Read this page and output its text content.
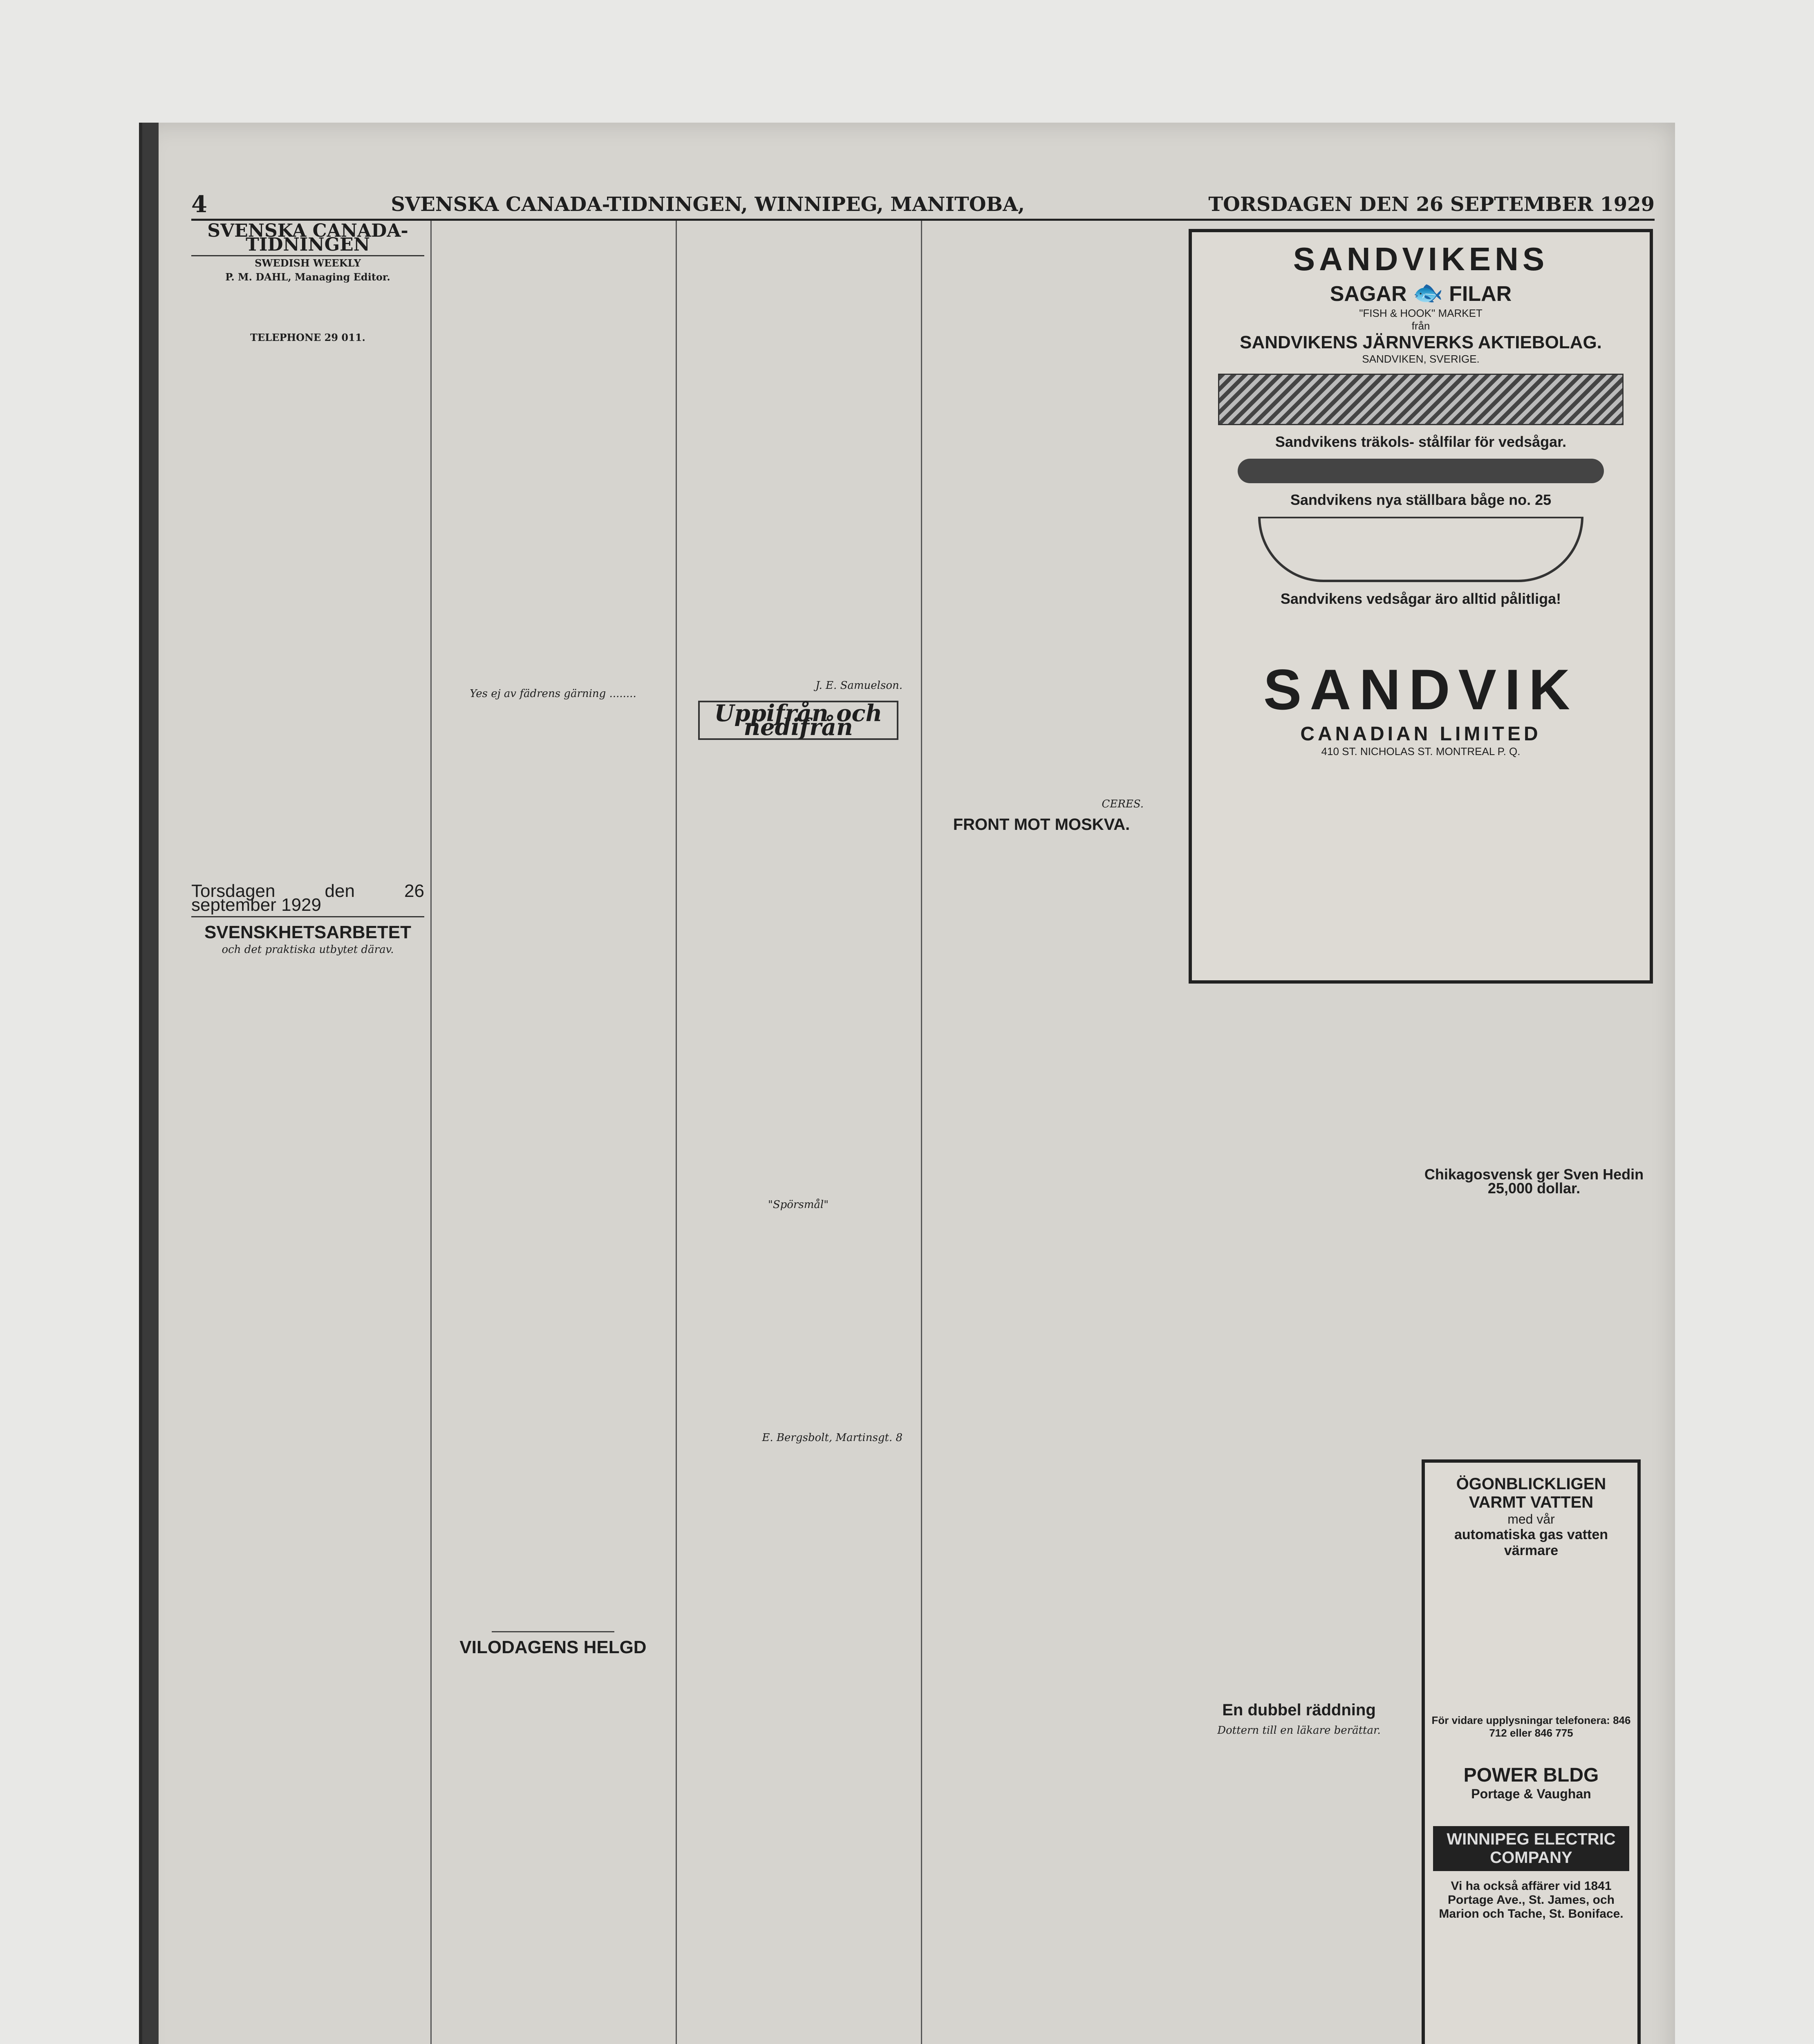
4	SVENSKA CANADA-TIDNINGEN, WINNIPEG, MANITOBA,	TORSDAGEN DEN 26 SEPTEMBER 1929
SVENSKA CANADA-TIDNINGEN
SWEDISH WEEKLY
P. M. DAHL, Managing Editor.

TELEPHONE 29 011.
Torsdagen den 26 september 1929
SVENSKHETSARBETET
och det praktiska utbytet därav.
Yes ej av fädrens gärning ........
VILODAGENS HELGD
J. E. Samuelson.
Uppifrån och nedifrån
"Spörsmål"
E. Bergsbolt, Martinsgt. 8
CERES.
FRONT MOT MOSKVA.
SANDVIKENS
SAGAR 🐟 FILAR
"FISH & HOOK" MARKET
från
SANDVIKENS JÄRNVERKS AKTIEBOLAG.
SANDVIKEN, SVERIGE.
Sandvikens träkols- stålfilar för vedsågar.
Sandvikens nya ställbara båge no. 25
Sandvikens vedsågar äro alltid pålitliga!
SANDVIK
CANADIAN LIMITED
410 ST. NICHOLAS ST. MONTREAL P. Q.
En dubbel räddning
Dottern till en läkare berättar.
Chikagosvensk ger Sven Hedin 25,000 dollar.
ÖGONBLICKLIGEN
VARMT VATTEN
med vår
automatiska gas vatten
värmare
För vidare upplysningar telefonera: 846 712 eller 846 775
POWER BLDG
Portage & Vaughan
WINNIPEG ELECTRIC COMPANY
Vi ha också affärer vid 1841 Portage Ave., St. James, och Marion och Tache, St. Boniface.
